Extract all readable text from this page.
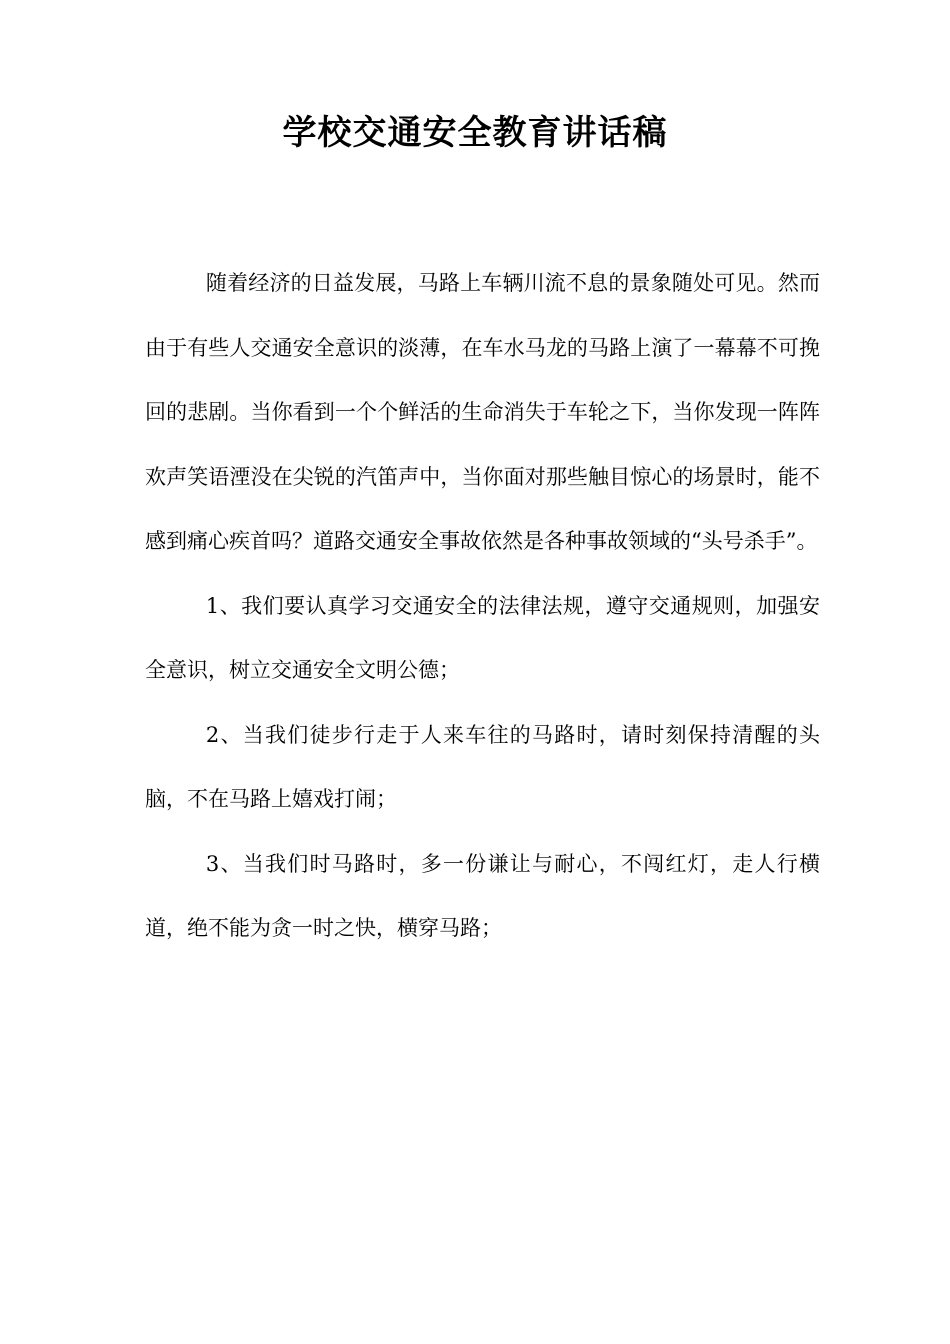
学校交通安全教育讲话稿

随着经济的日益发展，马路上车辆川流不息的景象随处可见。然而由于有些人交通安全意识的淡薄，在车水马龙的马路上演了一幕幕不可挽回的悲剧。当你看到一个个鲜活的生命消失于车轮之下，当你发现一阵阵欢声笑语湮没在尖锐的汽笛声中，当你面对那些触目惊心的场景时，能不感到痛心疾首吗？道路交通安全事故依然是各种事故领域的“头号杀手”。

1、我们要认真学习交通安全的法律法规，遵守交通规则，加强安全意识，树立交通安全文明公德；

2、当我们徒步行走于人来车往的马路时，请时刻保持清醒的头脑，不在马路上嬉戏打闹；

3、当我们时马路时，多一份谦让与耐心，不闯红灯，走人行横道，绝不能为贪一时之快，横穿马路；
